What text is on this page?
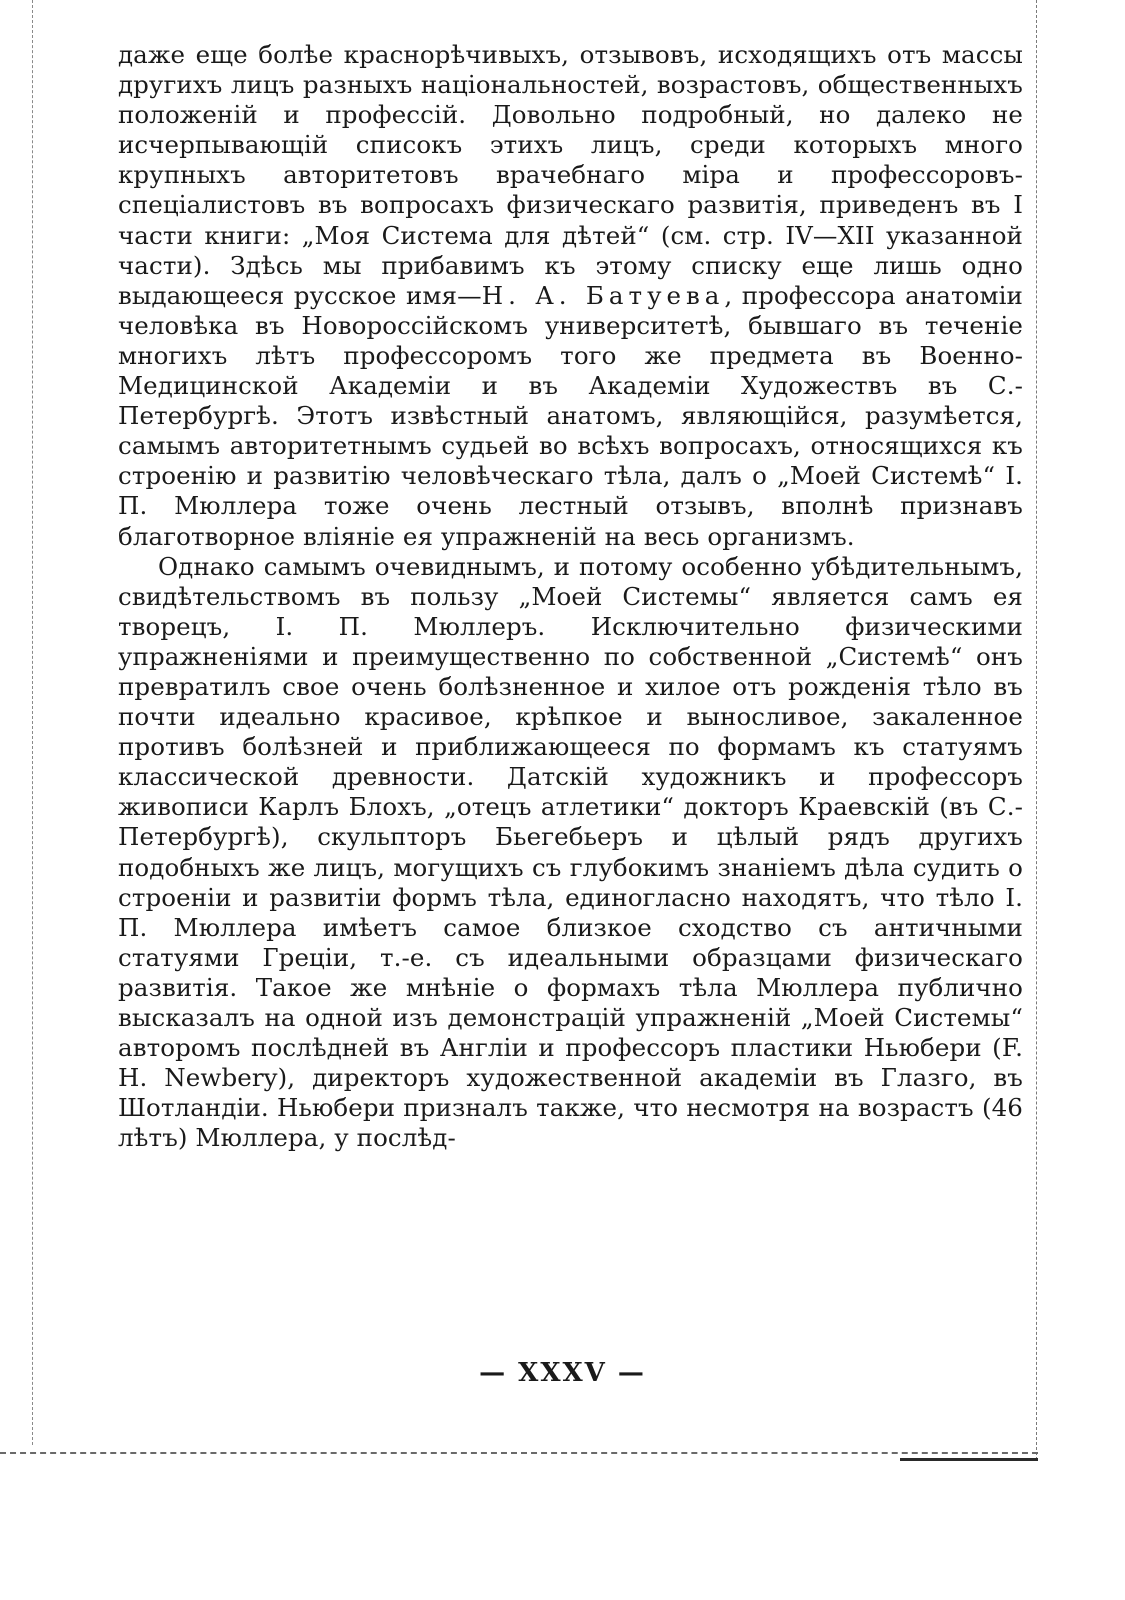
даже еще болѣе краснорѣчивыхъ, отзывовъ, исходящихъ отъ массы другихъ лицъ разныхъ національностей, возрастовъ, общественныхъ положеній и профессій. Довольно подробный, но далеко не исчерпывающій списокъ этихъ лицъ, среди которыхъ много крупныхъ авторитетовъ врачебнаго міра и профессоровъ-спеціалистовъ въ вопросахъ физическаго развитія, приведенъ въ I части книги: „Моя Система для дѣтей“ (см. стр. IV—XII указанной части). Здѣсь мы прибавимъ къ этому списку еще лишь одно выдающееся русское имя—Н. А. Батуева, профессора анатоміи человѣка въ Новороссійскомъ университетѣ, бывшаго въ теченіе многихъ лѣтъ профессоромъ того же предмета въ Военно-Медицинской Академіи и въ Академіи Художествъ въ С.-Петербургѣ. Этотъ извѣстный анатомъ, являющійся, разумѣется, самымъ авторитетнымъ судьей во всѣхъ вопросахъ, относящихся къ строенію и развитію человѣческаго тѣла, далъ о „Моей Системѣ“ І. П. Мюллера тоже очень лестный отзывъ, вполнѣ признавъ благотворное вліяніе ея упражненій на весь организмъ.

Однако самымъ очевиднымъ, и потому особенно убѣдительнымъ, свидѣтельствомъ въ пользу „Моей Системы“ является самъ ея творецъ, І. П. Мюллеръ. Исключительно физическими упражненіями и преимущественно по собственной „Системѣ“ онъ превратилъ свое очень болѣзненное и хилое отъ рожденія тѣло въ почти идеально красивое, крѣпкое и выносливое, закаленное противъ болѣзней и приближающееся по формамъ къ статуямъ классической древности. Датскій художникъ и профессоръ живописи Карлъ Блохъ, „отецъ атлетики“ докторъ Краевскій (въ С.-Петербургѣ), скульпторъ Бьегебьеръ и цѣлый рядъ другихъ подобныхъ же лицъ, могущихъ съ глубокимъ знаніемъ дѣла судить о строеніи и развитіи формъ тѣла, единогласно находятъ, что тѣло І. П. Мюллера имѣетъ самое близкое сходство съ античными статуями Греціи, т.-е. съ идеальными образцами физическаго развитія. Такое же мнѣніе о формахъ тѣла Мюллера публично высказалъ на одной изъ демонстрацій упражненій „Моей Системы“ авторомъ послѣдней въ Англіи и профессоръ пластики Ньюбери (F. H. Newbery), директоръ художественной академіи въ Глазго, въ Шотландіи. Ньюбери призналъ также, что несмотря на возрастъ (46 лѣтъ) Мюллера, у послѣд-

— XXXV —
